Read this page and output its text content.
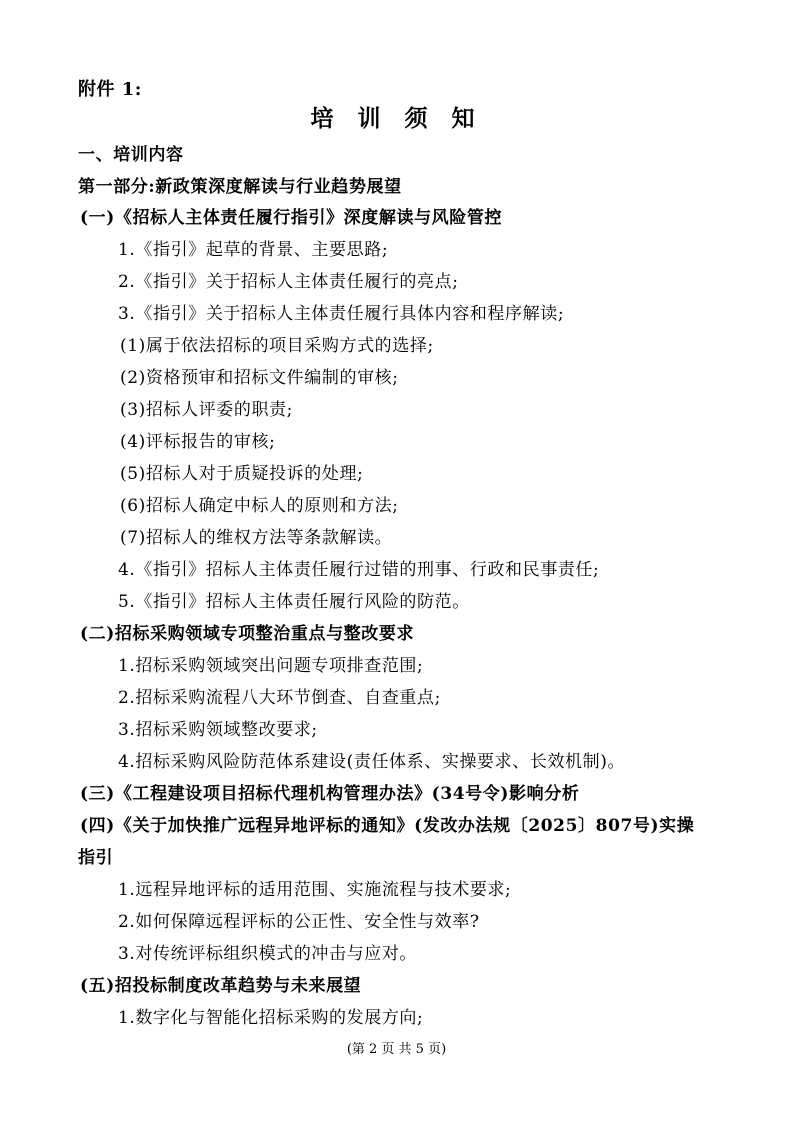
附件 1:
培 训 须 知
一、培训内容
第一部分:新政策深度解读与行业趋势展望
(一)《招标人主体责任履行指引》深度解读与风险管控
1.《指引》起草的背景、主要思路;
2.《指引》关于招标人主体责任履行的亮点;
3.《指引》关于招标人主体责任履行具体内容和程序解读;
(1)属于依法招标的项目采购方式的选择;
(2)资格预审和招标文件编制的审核;
(3)招标人评委的职责;
(4)评标报告的审核;
(5)招标人对于质疑投诉的处理;
(6)招标人确定中标人的原则和方法;
(7)招标人的维权方法等条款解读。
4.《指引》招标人主体责任履行过错的刑事、行政和民事责任;
5.《指引》招标人主体责任履行风险的防范。
(二)招标采购领域专项整治重点与整改要求
1.招标采购领域突出问题专项排查范围;
2.招标采购流程八大环节倒查、自查重点;
3.招标采购领域整改要求;
4.招标采购风险防范体系建设(责任体系、实操要求、长效机制)。
(三)《工程建设项目招标代理机构管理办法》(34号令)影响分析
(四)《关于加快推广远程异地评标的通知》(发改办法规〔2025〕807号)实操
指引
1.远程异地评标的适用范围、实施流程与技术要求;
2.如何保障远程评标的公正性、安全性与效率?
3.对传统评标组织模式的冲击与应对。
(五)招投标制度改革趋势与未来展望
1.数字化与智能化招标采购的发展方向;
(第 2 页 共 5 页)
